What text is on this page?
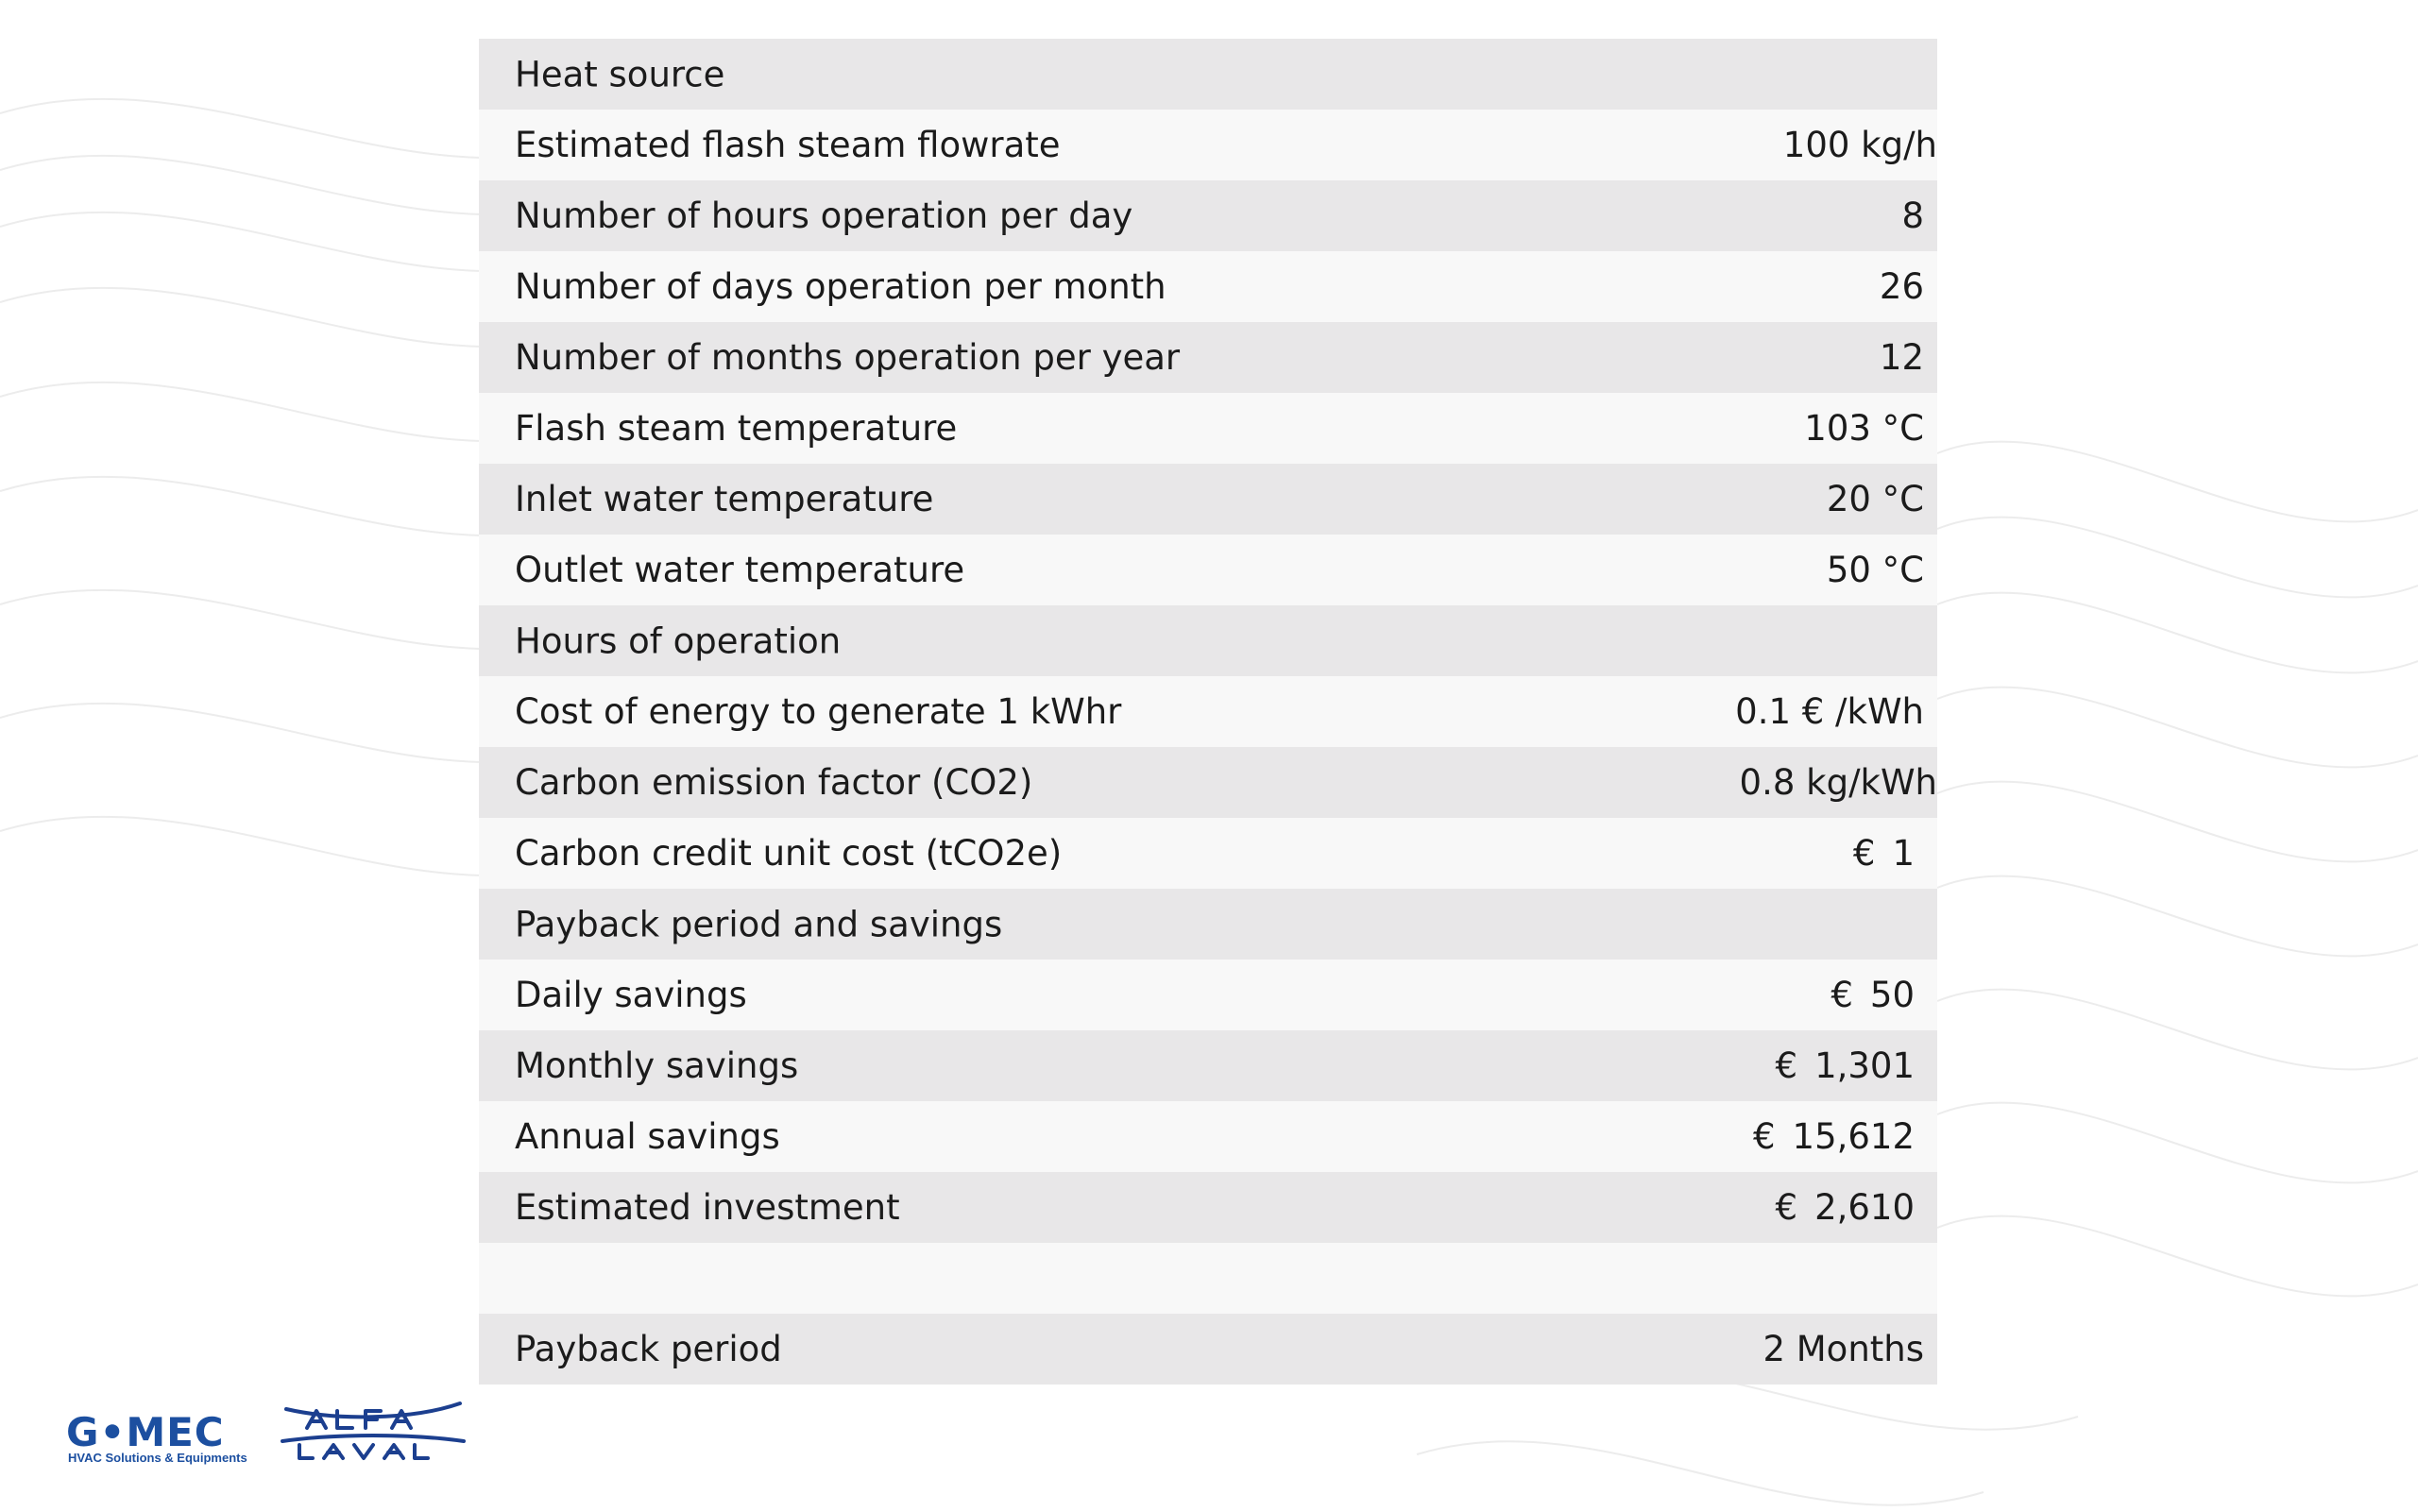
Heat source
Estimated flash steam flowrate	100 kg/h
Number of hours operation per day	8
Number of days operation per month	26
Number of months operation per year	12
Flash steam temperature	103 °C
Inlet water temperature	20 °C
Outlet water temperature	50 °C
Hours of operation
Cost of energy to generate 1 kWhr	0.1 € /kWh
Carbon emission factor (CO2)	0.8 kg/kWh
Carbon credit unit cost (tCO2e)	€ 1
Payback period and savings
Daily savings	€ 50
Monthly savings	€ 1,301
Annual savings	€ 15,612
Estimated investment	€ 2,610
Payback period	2 Months
G•MEC
HVAC Solutions & Equipments
